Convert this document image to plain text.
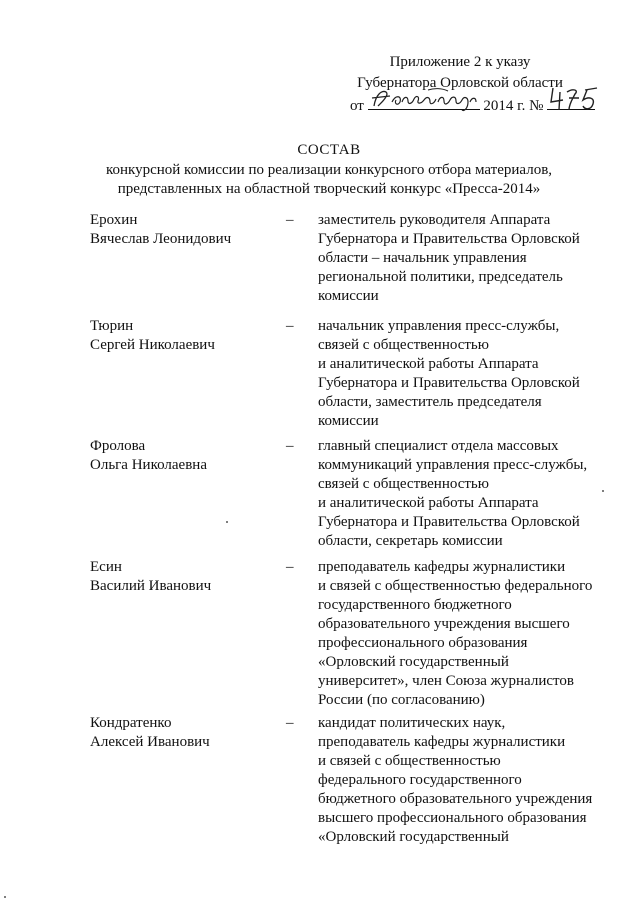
Приложение 2 к указу
Губернатора Орловской области
от	2014 г. №
СОСТАВ
конкурсной комиссии по реализации конкурсного отбора материалов,
представленных на областной творческий конкурс «Пресса-2014»
Ерохин
Вячеслав Леонидович
– заместитель руководителя Аппарата
Губернатора и Правительства Орловской
области – начальник управления
региональной политики, председатель
комиссии
Тюрин
Сергей Николаевич
– начальник управления пресс-службы,
связей с общественностью
и аналитической работы Аппарата
Губернатора и Правительства Орловской
области, заместитель председателя
комиссии
Фролова
Ольга Николаевна
– главный специалист отдела массовых
коммуникаций управления пресс-службы,
связей с общественностью
и аналитической работы Аппарата
Губернатора и Правительства Орловской
области, секретарь комиссии
Есин
Василий Иванович
– преподаватель кафедры журналистики
и связей с общественностью федерального
государственного бюджетного
образовательного учреждения высшего
профессионального образования
«Орловский государственный
университет», член Союза журналистов
России (по согласованию)
Кондратенко
Алексей Иванович
– кандидат политических наук,
преподаватель кафедры журналистики
и связей с общественностью
федерального государственного
бюджетного образовательного учреждения
высшего профессионального образования
«Орловский государственный
